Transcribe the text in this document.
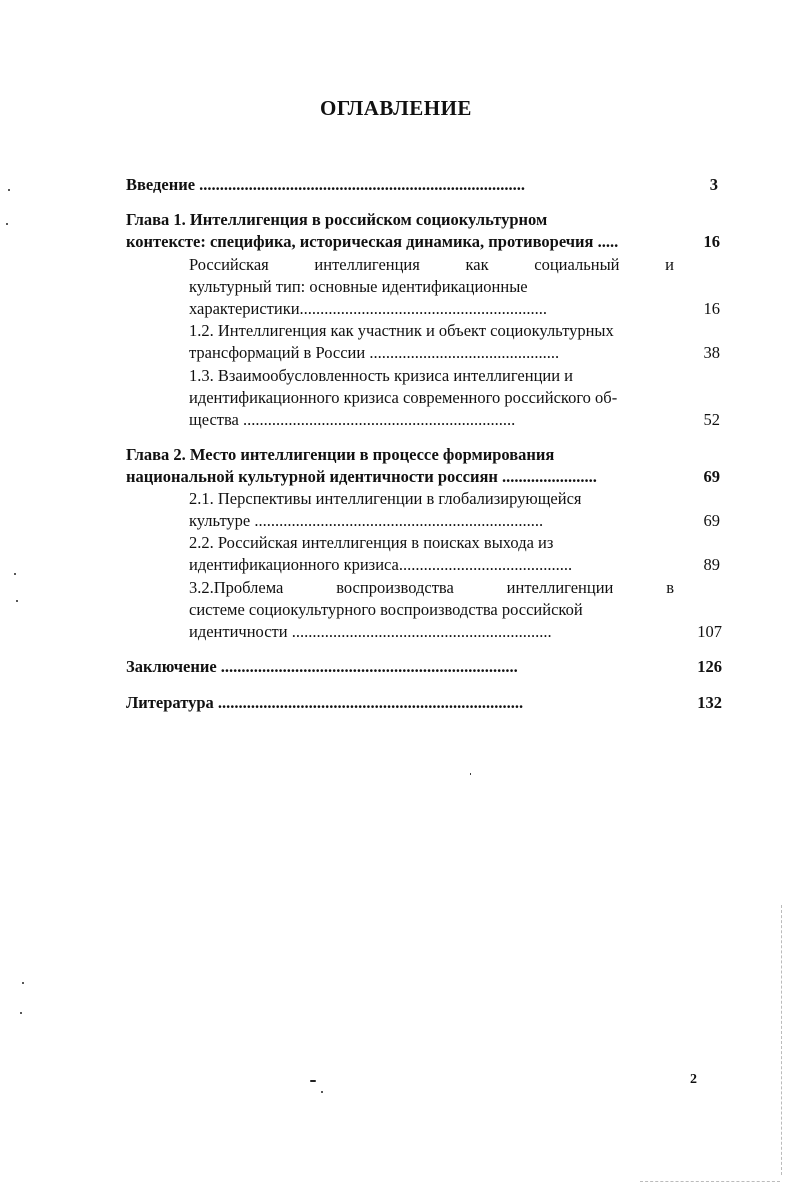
ОГЛАВЛЕНИЕ
Введение ...............................................................................	3
Глава 1. Интеллигенция в российском социокультурном
контексте: специфика, историческая динамика, противоречия .....	16
Российская	интеллигенция	как	социальный	и
культурный тип: основные идентификационные
характеристики............................................................	16
1.2. Интеллигенция как участник и объект социокультурных
трансформаций в России ..............................................	38
1.3. Взаимообусловленность кризиса интеллигенции и
идентификационного кризиса современного российского об-
щества ..................................................................	52
Глава 2. Место интеллигенции в процессе формирования
национальной культурной идентичности россиян .......................	69
2.1. Перспективы интеллигенции в глобализирующейся
культуре ......................................................................	69
2.2. Российская интеллигенция в поисках выхода из
идентификационного кризиса..........................................	89
3.2.Проблема	воспроизводства	интеллигенции	в
системе социокультурного воспроизводства российской
идентичности ...............................................................	107
Заключение ........................................................................	126
Литература ..........................................................................	132
2
